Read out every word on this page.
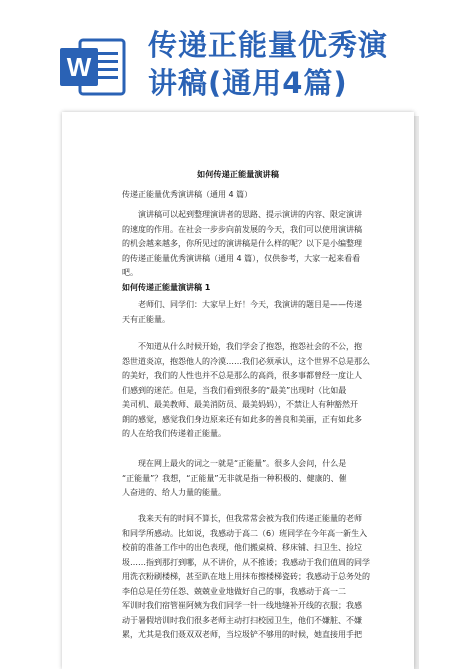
W
传递正能量优秀演
讲稿(通用4篇)
如何传递正能量演讲稿

传递正能量优秀演讲稿（通用 4 篇）

演讲稿可以起到整理演讲者的思路、提示演讲的内容、限定演讲
的速度的作用。在社会一步步向前发展的今天，我们可以使用演讲稿
的机会越来越多，你所见过的演讲稿是什么样的呢？以下是小编整理
的传递正能量优秀演讲稿（通用 4 篇），仅供参考，大家一起来看看
吧。

如何传递正能量演讲稿 1

老师们、同学们：大家早上好！今天，我演讲的题目是——传递
天有正能量。

不知道从什么时候开始，我们学会了抱怨，抱怨社会的不公，抱
怨世道炎凉，抱怨他人的冷漠……我们必须承认，这个世界不总是那么
的美好，我们的人性也并不总是那么的高尚，很多事都曾经一度让人
们感到的迷茫。但是，当我们看到很多的“最美”出现时（比如最
美司机、最美教师、最美消防员、最美妈妈），不禁让人有种豁然开
朗的感觉，感觉我们身边原来还有如此多的善良和美丽，正有如此多
的人在给我们传递着正能量。

现在网上最火的词之一就是“正能量”。很多人会问，什么是
“正能量”？我想，“正能量”无非就是指一种积极的、健康的、催
人奋进的、给人力量的能量。

我来天有的时间不算长，但我常常会被为我们传递正能量的老师
和同学所感动。比如说，我感动于高二（6）班同学在今年高一新生入
校前的准备工作中的出色表现，他们搬桌椅、移床铺、扫卫生、捡垃
圾……指到那打到哪，从不讲价，从不推诿；我感动于我们值周的同学
用洗衣粉刷楼梯，甚至趴在地上用抹布擦楼梯瓷砖；我感动于总务处的
李伯总是任劳任怨、兢兢业业地做好自己的事，我感动于高一二
军训时我们宿管崔阿姨为我们同学一针一线地缝补开线的衣服；我感
动于暑假培训时我们很多老师主动打扫校园卫生，他们不嫌脏、不嫌
累，尤其是我们聂双双老师，当垃圾铲不够用的时候，她直接用手把
